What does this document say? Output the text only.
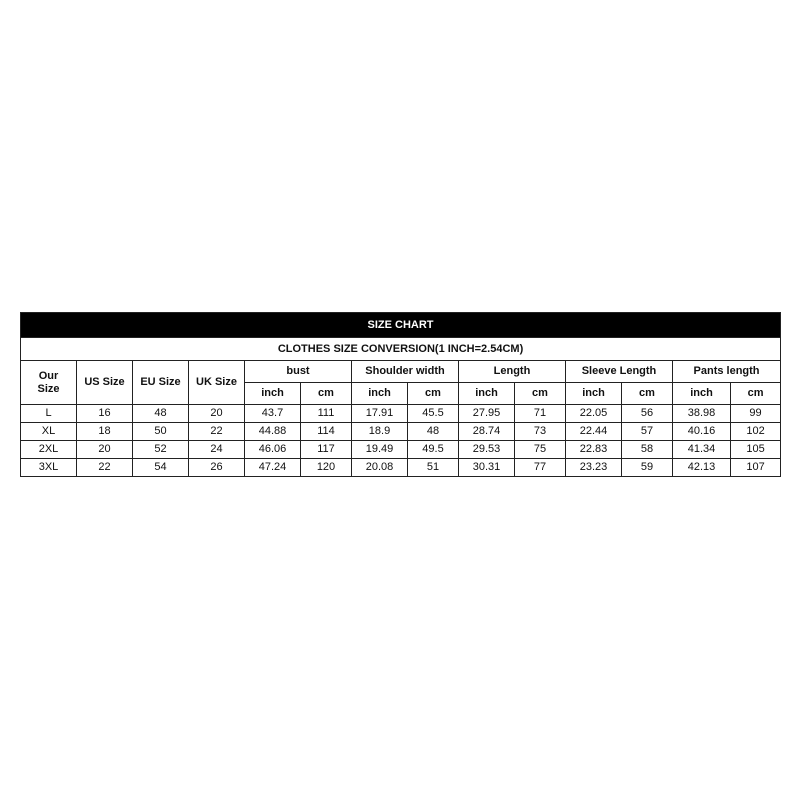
SIZE CHART													
CLOTHES SIZE CONVERSION(1 INCH=2.54CM)													

Our
Size	US Size	EU Size	UK Size	bust		Shoulder width		Length		Sleeve Length		Pants length	
				inch	cm	inch	cm	inch	cm	inch	cm	inch	cm
L	16	48	20	43.7	111	17.91	45.5	27.95	71	22.05	56	38.98	99
XL	18	50	22	44.88	114	18.9	48	28.74	73	22.44	57	40.16	102
2XL	20	52	24	46.06	117	19.49	49.5	29.53	75	22.83	58	41.34	105
3XL	22	54	26	47.24	120	20.08	51	30.31	77	23.23	59	42.13	107
